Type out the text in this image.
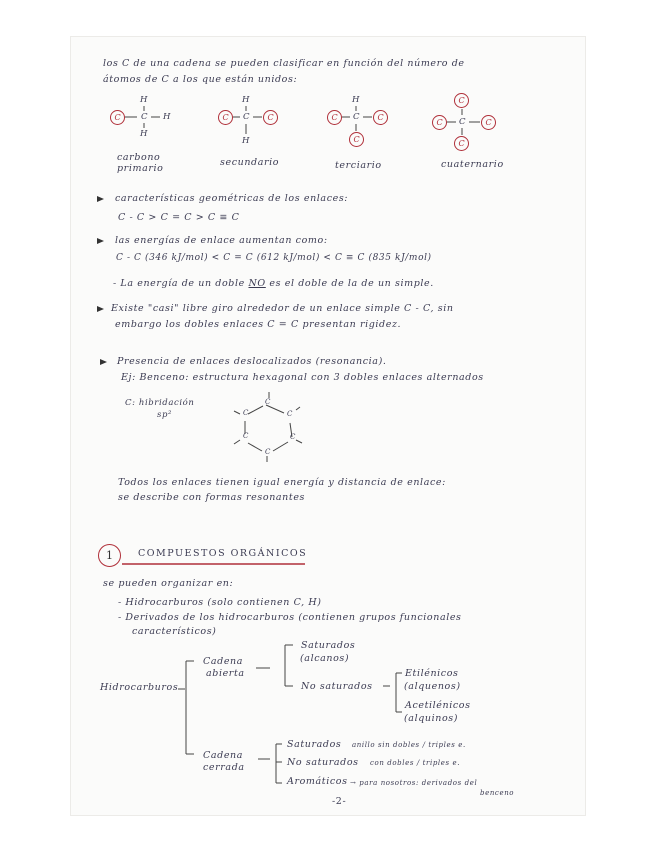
los C de una cadena se pueden clasificar en función del número de
átomos de C a los que están unidos:
C
H
C H
H
carbono
primario
C
H
C	C
H
secundario
H
C	C	C
C
terciario
C
C	C	C
C
cuaternario
características geométricas de los enlaces:
C - C > C = C > C ≡ C
las energías de enlace aumentan como:
C - C (346 kJ/mol) < C = C (612 kJ/mol) < C ≡ C (835 kJ/mol)
- La energía de un doble NO es el doble de la de un simple.
Existe "casi" libre giro alrededor de un enlace simple C - C, sin
embargo los dobles enlaces C = C presentan rigidez.
Presencia de enlaces deslocalizados (resonancia).
Ej: Benceno: estructura hexagonal con 3 dobles enlaces alternados
C: hibridación
sp²
C
C
C
C
C
C
Todos los enlaces tienen igual energía y distancia de enlace:
se describe con formas resonantes
1	COMPUESTOS ORGÁNICOS
se pueden organizar en:
- Hidrocarburos (solo contienen C, H)
- Derivados de los hidrocarburos (contienen grupos funcionales
característicos)
Hidrocarburos
Cadena
abierta
Saturados
(alcanos)
No saturados
Etilénicos
(alquenos)
Acetilénicos
(alquinos)
Cadena
cerrada
Saturados anillo sin dobles / triples e.
No saturados con dobles / triples e.
Aromáticos → para nosotros: derivados del
benceno
-2-
